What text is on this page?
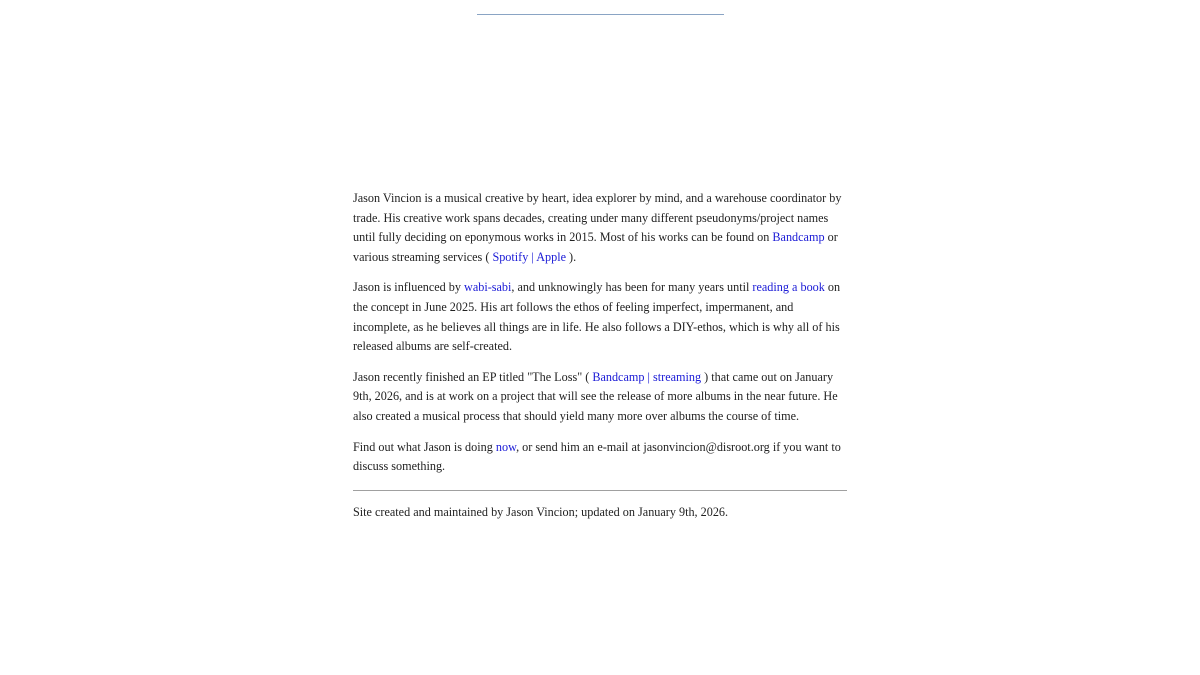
Jason Vincion is a musical creative by heart, idea explorer by mind, and a warehouse coordinator by trade. His creative work spans decades, creating under many different pseudonyms/project names until fully deciding on eponymous works in 2015. Most of his works can be found on Bandcamp or various streaming services ( Spotify | Apple ).

Jason is influenced by wabi-sabi, and unknowingly has been for many years until reading a book on the concept in June 2025. His art follows the ethos of feeling imperfect, impermanent, and incomplete, as he believes all things are in life. He also follows a DIY-ethos, which is why all of his released albums are self-created.

Jason recently finished an EP titled "The Loss" ( Bandcamp | streaming ) that came out on January 9th, 2026, and is at work on a project that will see the release of more albums in the near future. He also created a musical process that should yield many more over albums the course of time.

Find out what Jason is doing now, or send him an e-mail at jasonvincion@disroot.org if you want to discuss something.

Site created and maintained by Jason Vincion; updated on January 9th, 2026.
